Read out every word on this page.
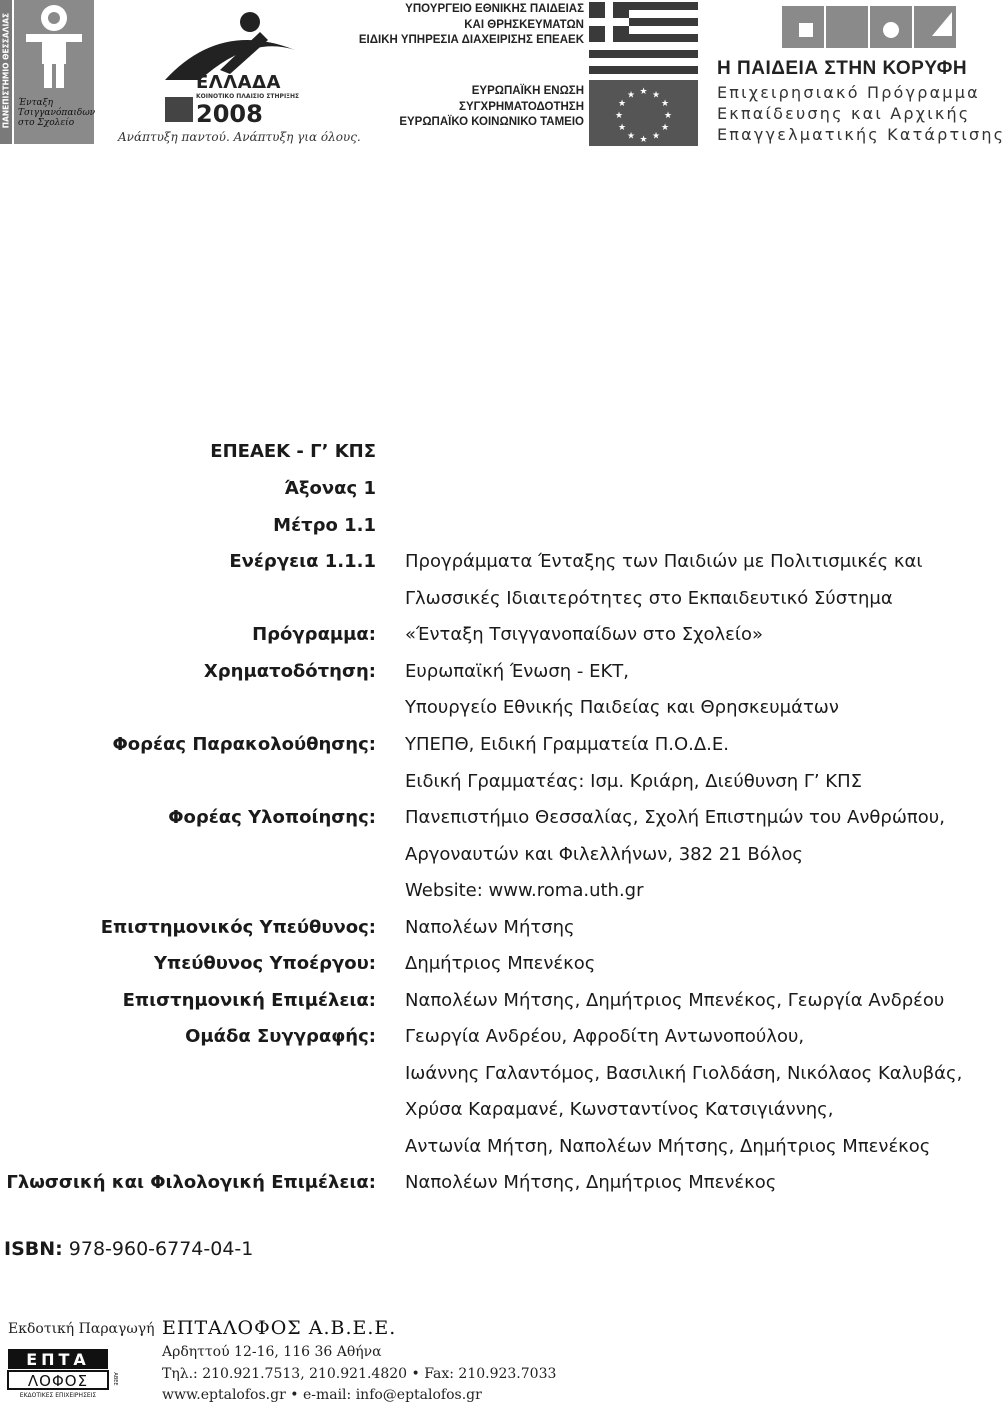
ΠΑΝΕΠΙΣΤΗΜΙΟ ΘΕΣΣΑΛΙΑΣ Ένταξη
Τσιγγανόπαιδων
στο Σχολείο
ΕΛΛΑΔΑ
ΚΟΙΝΟΤΙΚΟ ΠΛΑΙΣΙΟ ΣΤΗΡΙΞΗΣ
2008
Ανάπτυξη παντού. Ανάπτυξη για όλους.
ΥΠΟΥΡΓΕΙΟ ΕΘΝΙΚΗΣ ΠΑΙΔΕΙΑΣ
ΚΑΙ ΘΡΗΣΚΕΥΜΑΤΩΝ
ΕΙΔΙΚΗ ΥΠΗΡΕΣΙΑ ΔΙΑΧΕΙΡΙΣΗΣ ΕΠΕΑΕΚ
ΕΥΡΩΠΑΪΚΗ ΕΝΩΣΗ
ΣΥΓΧΡΗΜΑΤΟΔΟΤΗΣΗ
ΕΥΡΩΠΑΪΚΟ ΚΟΙΝΩΝΙΚΟ ΤΑΜΕΙΟ
★ ★
★
★
★
★
★
★
★
★
★
★
Η ΠΑΙΔΕΙΑ ΣΤΗΝ ΚΟΡΥΦΗ
Επιχειρησιακό Πρόγραμμα
Εκπαίδευσης και Αρχικής
Επαγγελματικής Κατάρτισης
ΕΠΕΑΕΚ - Γ’ ΚΠΣ
Άξονας 1
Μέτρο 1.1
Ενέργεια 1.1.1 Προγράμματα Ένταξης των Παιδιών με Πολιτισμικές και
Γλωσσικές Ιδιαιτερότητες στο Εκπαιδευτικό Σύστημα
Πρόγραμμα: «Ένταξη Τσιγγανοπαίδων στο Σχολείο»
Χρηματοδότηση: Ευρωπαϊκή Ένωση - ΕΚΤ,
Υπουργείο Εθνικής Παιδείας και Θρησκευμάτων
Φορέας Παρακολούθησης: ΥΠΕΠΘ, Ειδική Γραμματεία Π.Ο.Δ.Ε.
Ειδική Γραμματέας: Ισμ. Κριάρη, Διεύθυνση Γ’ ΚΠΣ
Φορέας Υλοποίησης: Πανεπιστήμιο Θεσσαλίας, Σχολή Επιστημών του Ανθρώπου,
Αργοναυτών και Φιλελλήνων, 382 21 Βόλος
Website: www.roma.uth.gr
Επιστημονικός Υπεύθυνος: Ναπολέων Μήτσης
Υπεύθυνος Υποέργου: Δημήτριος Μπενέκος
Επιστημονική Επιμέλεια: Ναπολέων Μήτσης, Δημήτριος Μπενέκος, Γεωργία Ανδρέου
Ομάδα Συγγραφής: Γεωργία Ανδρέου, Αφροδίτη Αντωνοπούλου,
Ιωάννης Γαλαντόμος, Βασιλική Γιολδάση, Νικόλαος Καλυβάς,
Χρύσα Καραμανέ, Κωνσταντίνος Κατσιγιάννης,
Αντωνία Μήτση, Ναπολέων Μήτσης, Δημήτριος Μπενέκος
Γλωσσική και Φιλολογική Επιμέλεια: Ναπολέων Μήτσης, Δημήτριος Μπενέκος
ISBN: 978-960-6774-04-1
Εκδοτική Παραγωγή ΕΠΤΑΛΟΦΟΣ Α.Β.Ε.Ε.
Αρδηττού 12-16, 116 36 Αθήνα
Τηλ.: 210.921.7513, 210.921.4820 • Fax: 210.923.7033
www.eptalofos.gr • e-mail: info@eptalofos.gr
ΕΠΤΑ
ΛΟΦΟΣ
ΕΚΔΟΤΙΚΕΣ ΕΠΙΧΕΙΡΗΣΕΙΣ
ΑΒΕΕ
